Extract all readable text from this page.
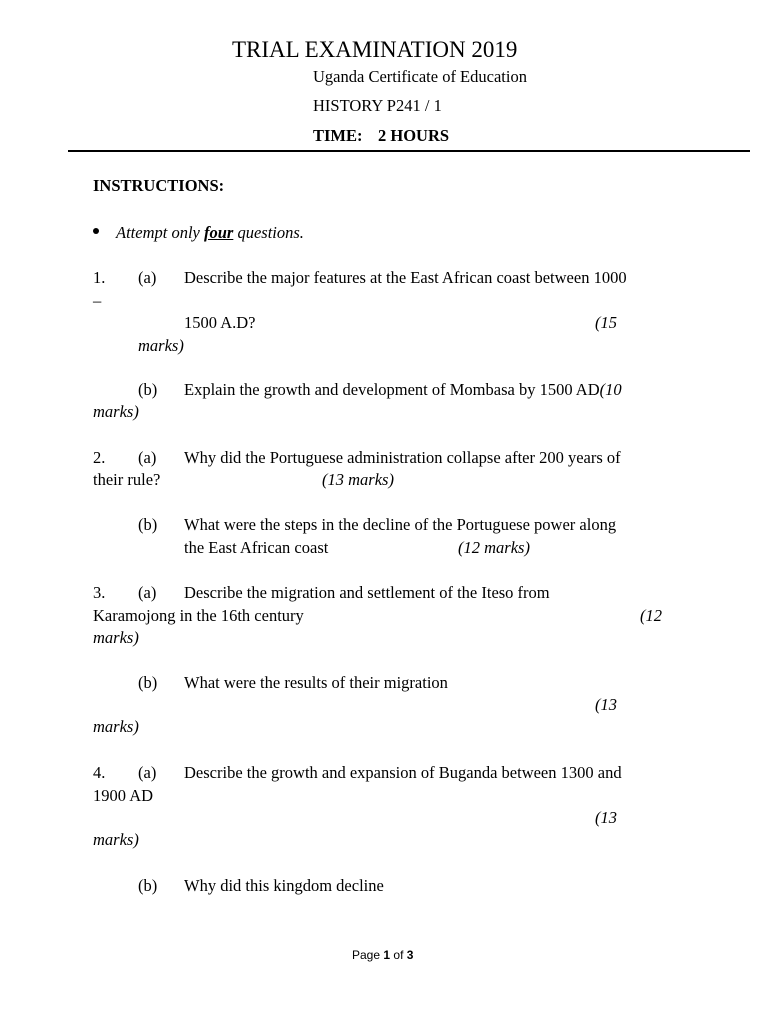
TRIAL EXAMINATION 2019
Uganda Certificate of Education
HISTORY P241 / 1
TIME: 2 HOURS
INSTRUCTIONS:
Attempt only four questions.
1. (a) Describe the major features at the East African coast between 1000
–
1500 A.D?	(15
marks)
(b) Explain the growth and development of Mombasa by 1500 AD(10
marks)
2. (a) Why did the Portuguese administration collapse after 200 years of
their rule?	(13 marks)
(b) What were the steps in the decline of the Portuguese power along
the East African coast	(12 marks)
3. (a) Describe the migration and settlement of the Iteso from
Karamojong in the 16th century	(12
marks)
(b) What were the results of their migration
(13
marks)
4. (a) Describe the growth and expansion of Buganda between 1300 and
1900 AD
(13
marks)
(b) Why did this kingdom decline
Page 1 of 3
